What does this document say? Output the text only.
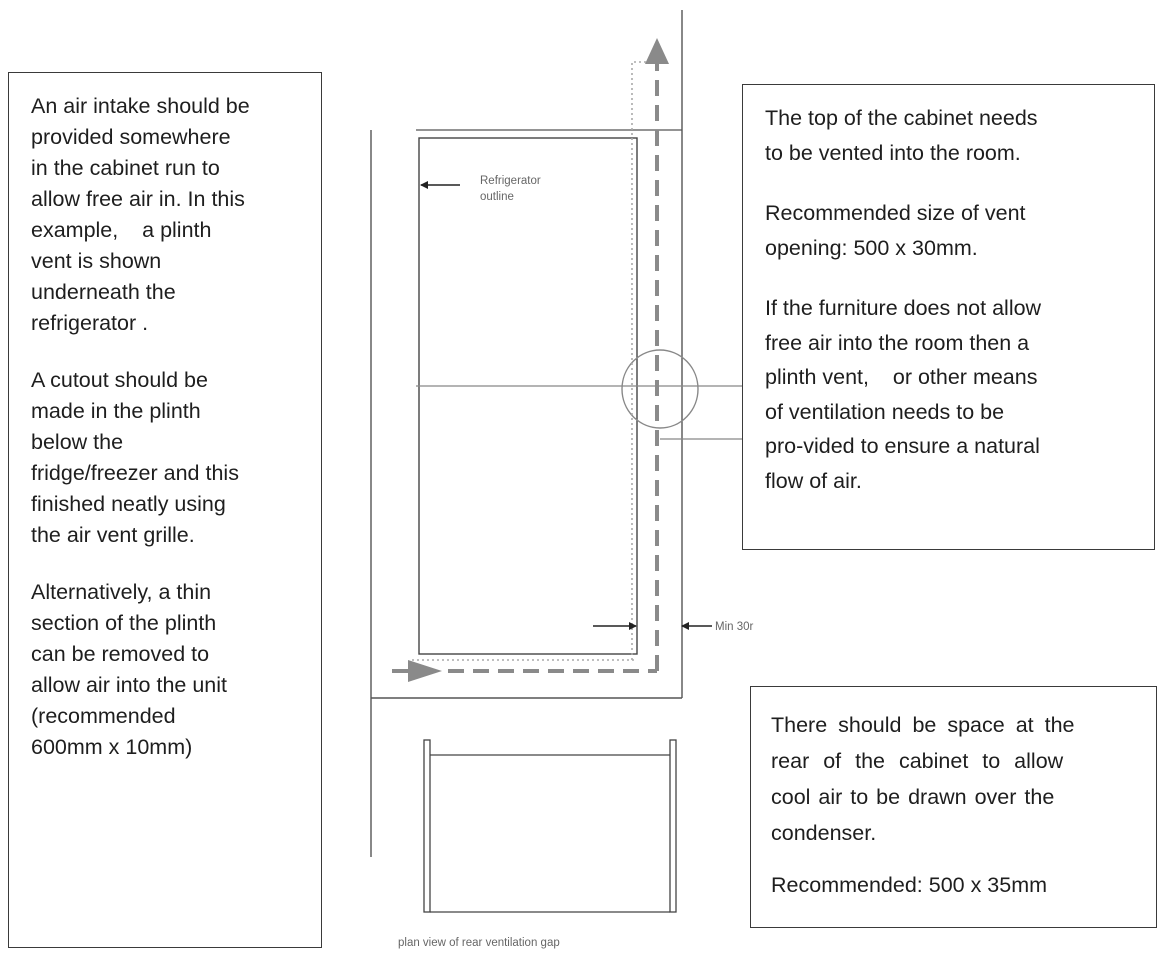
An air intake should be
provided somewhere
in the cabinet run to
allow free air in. In this
example,    a plinth
vent is shown
underneath the
refrigerator .

A cutout should be
made in the plinth
below the
fridge/freezer and this
finished neatly using
the air vent grille.

Alternatively, a thin
section of the plinth
can be removed to
allow air into the unit
(recommended
600mm x 10mm)

The top of the cabinet needs
to be vented into the room.

Recommended size of vent
opening: 500 x 30mm.

If the furniture does not allow
free air into the room then a
plinth vent,    or other means
of ventilation needs to be
pro-vided to ensure a natural
flow of air.

There should be space at the
rear of the cabinet to allow
cool air to be drawn over the
condenser.

Recommended: 500 x 35mm

Refrigerator
outline
Min 30r
plan view of rear ventilation gap
